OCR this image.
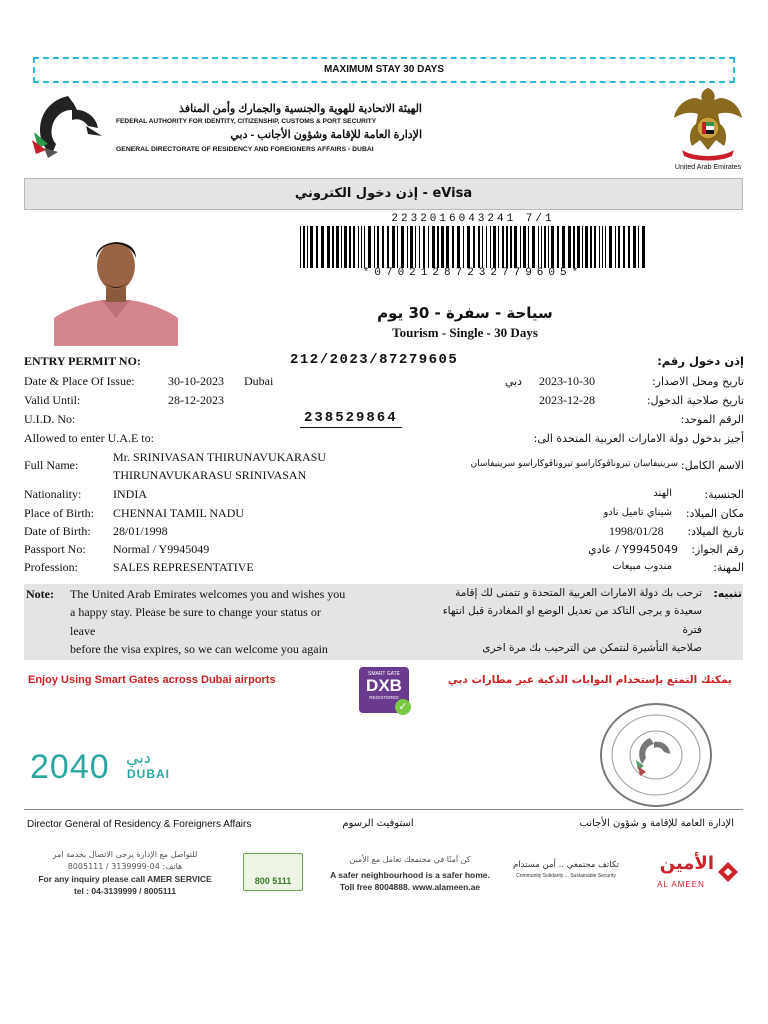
MAXIMUM STAY 30 DAYS
الهيئة الاتحادية للهوية والجنسية والجمارك وأمن المنافذ
FEDERAL AUTHORITY FOR IDENTITY, CITIZENSHIP, CUSTOMS & PORT SECURITY
الإدارة العامة للإقامة وشؤون الأجانب - دبي
GENERAL DIRECTORATE OF RESIDENCY AND FOREIGNERS AFFAIRS - DUBAI
United Arab Emirates
إذن دخول الكتروني - eVisa
2232016043241 7/1
*07021287232779605*
سياحة - سفرة - 30 يوم
Tourism - Single - 30 Days
ENTRY PERMIT NO:	212/2023/87279605	إذن دخول رقم:
Date & Place Of Issue:	30-10-2023 Dubai	دبي 2023-10-30	تاريخ ومحل الاصدار:
Valid Until:	28-12-2023	2023-12-28	تاريخ صلاحية الدخول:
U.I.D. No:	238529864	الرقم الموحد:
Allowed to enter U.A.E to:	أجيز بدخول دولة الامارات العربية المتحدة الى:
Full Name:
Mr. SRINIVASAN THIRUNAVUKARASU
THIRUNAVUKARASU SRINIVASAN
سرينيفاسان تيروناڤوكاراسو تيروناڤوكاراسو سرينيفاسان الاسم الكامل:
Nationality:	INDIA	الهند	الجنسية:
Place of Birth: CHENNAI TAMIL NADU	شيناي تاميل نادو مكان الميلاد:
Date of Birth: 28/01/1998	1998/01/28 تاريخ الميلاد:
Passport No: Normal / Y9945049	Y9945049 / عادي رقم الجواز:
Profession:	SALES REPRESENTATIVE	مندوب مبيعات	المهنة:
Note: The United Arab Emirates welcomes you and wishes you
a happy stay. Please be sure to change your status or
leave
before the visa expires, so we can welcome you again
تنبيه:
ترحب بك دولة الامارات العربية المتحدة و تتمنى لك إقامة
سعيدة و يرجى التاكد من تعديل الوضع او المغادرة قبل انتهاء
فترة
صلاحية التأشيرة لنتمكن من الترحيب بك مرة اخرى
Enjoy Using Smart Gates across Dubai airports	يمكنك التمتع بإستخدام البوابات الذكية عبر مطارات دبي
SMART GATE
DXB
REGISTERED
✓
2040 دبي
DUBAI
Director General of Residency & Foreigners Affairs	استوفيت الرسوم	الإدارة العامة للإقامة و شؤون الأجانب
للتواصل مع الإدارة يرجى الاتصال بخدمة امر
هاتف: 04-3139999 / 8005111
For any inquiry please call AMER SERVICE
tel : 04-3139999 / 8005111
800 5111
كن آمنًا في مجتمعك تعامل مع الأمين
A safer neighbourhood is a safer home.
Toll free 8004888. www.alameen.ae
تكاتف مجتمعي .. أمن مستدام
Community Solidarity ... Sustainable Security
الأمين
AL AMEEN
